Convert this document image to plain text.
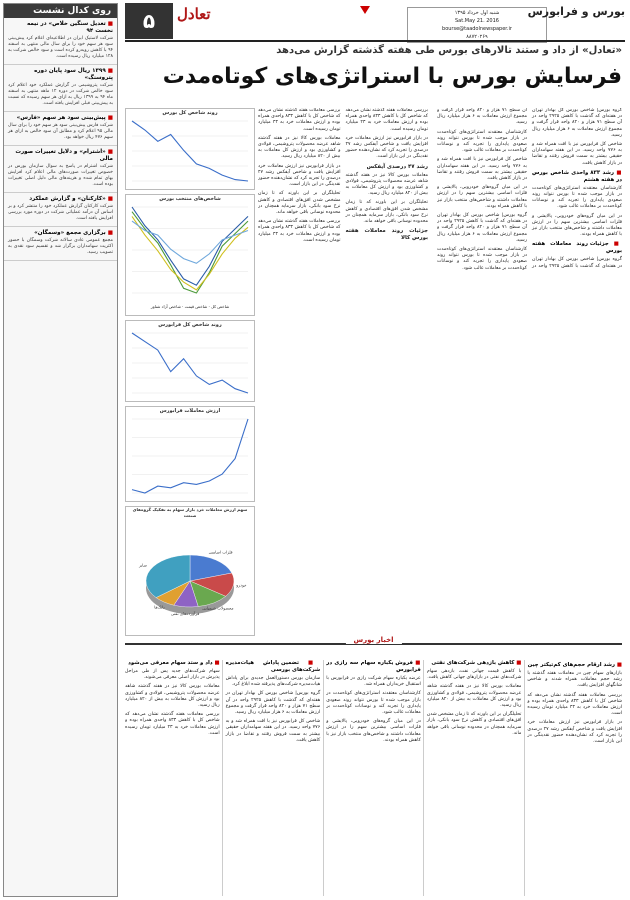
روی کدال نشست
■ تعدیل سنگین خلاص» در نیمه نخست ۹۴

شرکت لاستیک ایران در اطلاعیه‌ای اعلام کرد پیش‌بینی سود هر سهم خود را برای سال مالی منتهی به اسفند ۹۴ با کاهش روبه‌رو کرده است و سود خالص شرکت به ۱۲۸ میلیارد ریال رسیده است.

■ ۱۳۹۹ ریال سود پایان دوره پتروسنگ»

شرکت پتروشیمی در گزارش عملکرد خود اعلام کرد سود خالص شرکت در دوره ۱۲ ماهه منتهی به اسفند ماه ۹۴ به ۱۳۹۹ ریال به ازای هر سهم رسیده که نسبت به پیش‌بینی قبلی افزایش یافته است.

■ پیش‌بینی سود هر سهم «فارس»

شرکت فارس پیش‌بینی سود هر سهم خود را برای سال مالی ۹۵ اعلام کرد و مطابق آن سود خالص به ازای هر سهم ۴۷۶ ریال خواهد بود.

■ «اشترام» و دلایل تغییرات صورت مالی

شرکت اشترام در پاسخ به سوال سازمان بورس در خصوص تغییرات صورت‌های مالی اعلام کرد افزایش بهای تمام شده و هزینه‌های مالی دلیل اصلی تغییرات بوده است.

■ «کارکنان» و گزارش عملکرد

شرکت کارکنان گزارش عملکرد خود را منتشر کرد و بر اساس آن درآمد عملیاتی شرکت در دوره مورد بررسی افزایش یافته است.

■ برگزاری مجمع «وسمگان»

مجمع عمومی عادی سالانه شرکت وسمگان با حضور اکثریت سهامداران برگزار شد و تقسیم سود نقدی به تصویب رسید.

۵	تعادل	شنبه اول خرداد ۱۳۹۵
Sat.May 21. 2016
bourse@taadolnewspaper.ir
۸۸۷۲۰۲۶۹
بورس و فرابورس
«تعادل» از داد و ستند تالارهای بورس طی هفته گذشته گزارش می‌دهد
فرسایش بورس با استراتژی‌های کوتاه‌مدت

گروه بورس| شاخص بورس کل بهادار تهران در هفته‌ای که گذشت با کاهش ۲۹۲۵ واحد در آن سطح ۷۱ هزار و ۸۴۰ واحد قرار گرفت و مجموع ارزش معاملات به ۶ هزار میلیارد ریال رسید.

شاخص کل فرابورس نیز با افت همراه شد و به ۷۷۶ واحد رسید. در این هفته سهامداران حقیقی بیشتر به سمت فروش رفتند و تقاضا در بازار کاهش یافت.

■ رشد ۸۳۳ واحدی شاخص بورس در هفته هشتم

کارشناسان معتقدند استراتژی‌های کوتاه‌مدت در بازار موجب شده تا بورس نتواند روند صعودی پایداری را تجربه کند و نوسانات کوتاه‌مدت بر معاملات غالب شود.

در این میان گروه‌های خودرویی، پالایشی و فلزات اساسی بیشترین سهم را در ارزش معاملات داشتند و شاخص‌های منتخب بازار نیز با کاهش همراه بودند.

■ جزئیات روند معاملات هفته بورس

گروه بورس| شاخص بورس کل بهادار تهران در هفته‌ای که گذشت با کاهش ۲۹۲۵ واحد در آن سطح ۷۱ هزار و ۸۴۰ واحد قرار گرفت و مجموع ارزش معاملات به ۶ هزار میلیارد ریال رسید.

کارشناسان معتقدند استراتژی‌های کوتاه‌مدت در بازار موجب شده تا بورس نتواند روند صعودی پایداری را تجربه کند و نوسانات کوتاه‌مدت بر معاملات غالب شود.

شاخص کل فرابورس نیز با افت همراه شد و به ۷۷۶ واحد رسید. در این هفته سهامداران حقیقی بیشتر به سمت فروش رفتند و تقاضا در بازار کاهش یافت.

در این میان گروه‌های خودرویی، پالایشی و فلزات اساسی بیشترین سهم را در ارزش معاملات داشتند و شاخص‌های منتخب بازار نیز با کاهش همراه بودند.

گروه بورس| شاخص بورس کل بهادار تهران در هفته‌ای که گذشت با کاهش ۲۹۲۵ واحد در آن سطح ۷۱ هزار و ۸۴۰ واحد قرار گرفت و مجموع ارزش معاملات به ۶ هزار میلیارد ریال رسید.

کارشناسان معتقدند استراتژی‌های کوتاه‌مدت در بازار موجب شده تا بورس نتواند روند صعودی پایداری را تجربه کند و نوسانات کوتاه‌مدت بر معاملات غالب شود.

بررسی معاملات هفته گذشته نشان می‌دهد که شاخص کل با کاهش ۸۳۳ واحدی همراه بوده و ارزش معاملات خرد به ۴۳ میلیارد تومان رسیده است.

در بازار فرابورس نیز ارزش معاملات خرد افزایش یافت و شاخص آیفکس رشد ۴۷ درصدی را تجربه کرد که نشان‌دهنده حضور نقدینگی در این بازار است.

رشد ۴۷ درصدی آیفکس

معاملات بورس کالا نیز در هفته گذشته شاهد عرضه محصولات پتروشیمی، فولادی و کشاورزی بود و ارزش کل معاملات به بیش از ۸۲۰ میلیارد ریال رسید.

تحلیلگران بر این باورند که تا زمان مشخص شدن افق‌های اقتصادی و کاهش نرخ سود بانکی، بازار سرمایه همچنان در محدوده نوسانی باقی خواهد ماند.

جزئیات روند معاملات هفته بورس کالا

بررسی معاملات هفته گذشته نشان می‌دهد که شاخص کل با کاهش ۸۳۳ واحدی همراه بوده و ارزش معاملات خرد به ۴۳ میلیارد تومان رسیده است.

معاملات بورس کالا نیز در هفته گذشته شاهد عرضه محصولات پتروشیمی، فولادی و کشاورزی بود و ارزش کل معاملات به بیش از ۸۲۰ میلیارد ریال رسید.

در بازار فرابورس نیز ارزش معاملات خرد افزایش یافت و شاخص آیفکس رشد ۴۷ درصدی را تجربه کرد که نشان‌دهنده حضور نقدینگی در این بازار است.

تحلیلگران بر این باورند که تا زمان مشخص شدن افق‌های اقتصادی و کاهش نرخ سود بانکی، بازار سرمایه همچنان در محدوده نوسانی باقی خواهد ماند.

بررسی معاملات هفته گذشته نشان می‌دهد که شاخص کل با کاهش ۸۳۳ واحدی همراه بوده و ارزش معاملات خرد به ۴۳ میلیارد تومان رسیده است.

روند شاخص کل بورس
شاخص‌های منتخب بورس
شاخص کل · شاخص قیمت · شاخص آزاد شناور
روند شاخص کل فرابورس
ارزش معاملات فرابورس
سهم ارزش معاملات خرد بازار سهام به تفکیک گروه‌های صنعت
فلزات اساسی
خودرو
محصولات شیمیایی
فرآورده‌های نفتی
بانک‌ها
سایر
اخبار بورس
■ رشد ارقام حجم‌های کم‌تیکتر چین

بازارهای سهام چین در معاملات هفته گذشته با رشد حجم معاملات همراه شدند و شاخص شانگهای افزایش یافت.

بررسی معاملات هفته گذشته نشان می‌دهد که شاخص کل با کاهش ۸۳۳ واحدی همراه بوده و ارزش معاملات خرد به ۴۳ میلیارد تومان رسیده است.

در بازار فرابورس نیز ارزش معاملات خرد افزایش یافت و شاخص آیفکس رشد ۴۷ درصدی را تجربه کرد که نشان‌دهنده حضور نقدینگی در این بازار است.

■ کاهش بازدهی شرکت‌های نفتی

با کاهش قیمت جهانی نفت، بازدهی سهام شرکت‌های نفتی در بازارهای جهانی کاهش یافت.

معاملات بورس کالا نیز در هفته گذشته شاهد عرضه محصولات پتروشیمی، فولادی و کشاورزی بود و ارزش کل معاملات به بیش از ۸۲۰ میلیارد ریال رسید.

تحلیلگران بر این باورند که تا زمان مشخص شدن افق‌های اقتصادی و کاهش نرخ سود بانکی، بازار سرمایه همچنان در محدوده نوسانی باقی خواهد ماند.

■ فروش یکباره سهام سه رازی در فرابورس

عرضه یکباره سهام شرکت رازی در فرابورس با استقبال خریداران همراه شد.

کارشناسان معتقدند استراتژی‌های کوتاه‌مدت در بازار موجب شده تا بورس نتواند روند صعودی پایداری را تجربه کند و نوسانات کوتاه‌مدت بر معاملات غالب شود.

در این میان گروه‌های خودرویی، پالایشی و فلزات اساسی بیشترین سهم را در ارزش معاملات داشتند و شاخص‌های منتخب بازار نیز با کاهش همراه بودند.

■ تضمین پاداش هیات‌مدیره شرکت‌های بورسی

سازمان بورس دستورالعمل جدیدی برای پاداش هیات‌مدیره شرکت‌های پذیرفته شده ابلاغ کرد.

گروه بورس| شاخص بورس کل بهادار تهران در هفته‌ای که گذشت با کاهش ۲۹۲۵ واحد در آن سطح ۷۱ هزار و ۸۴۰ واحد قرار گرفت و مجموع ارزش معاملات به ۶ هزار میلیارد ریال رسید.

شاخص کل فرابورس نیز با افت همراه شد و به ۷۷۶ واحد رسید. در این هفته سهامداران حقیقی بیشتر به سمت فروش رفتند و تقاضا در بازار کاهش یافت.

■ داد و ستد سهام معرفی می‌شود

سهام شرکت‌های جدید پس از طی مراحل پذیرش در بازار اصلی معرفی می‌شوند.

معاملات بورس کالا نیز در هفته گذشته شاهد عرضه محصولات پتروشیمی، فولادی و کشاورزی بود و ارزش کل معاملات به بیش از ۸۲۰ میلیارد ریال رسید.

بررسی معاملات هفته گذشته نشان می‌دهد که شاخص کل با کاهش ۸۳۳ واحدی همراه بوده و ارزش معاملات خرد به ۴۳ میلیارد تومان رسیده است.
